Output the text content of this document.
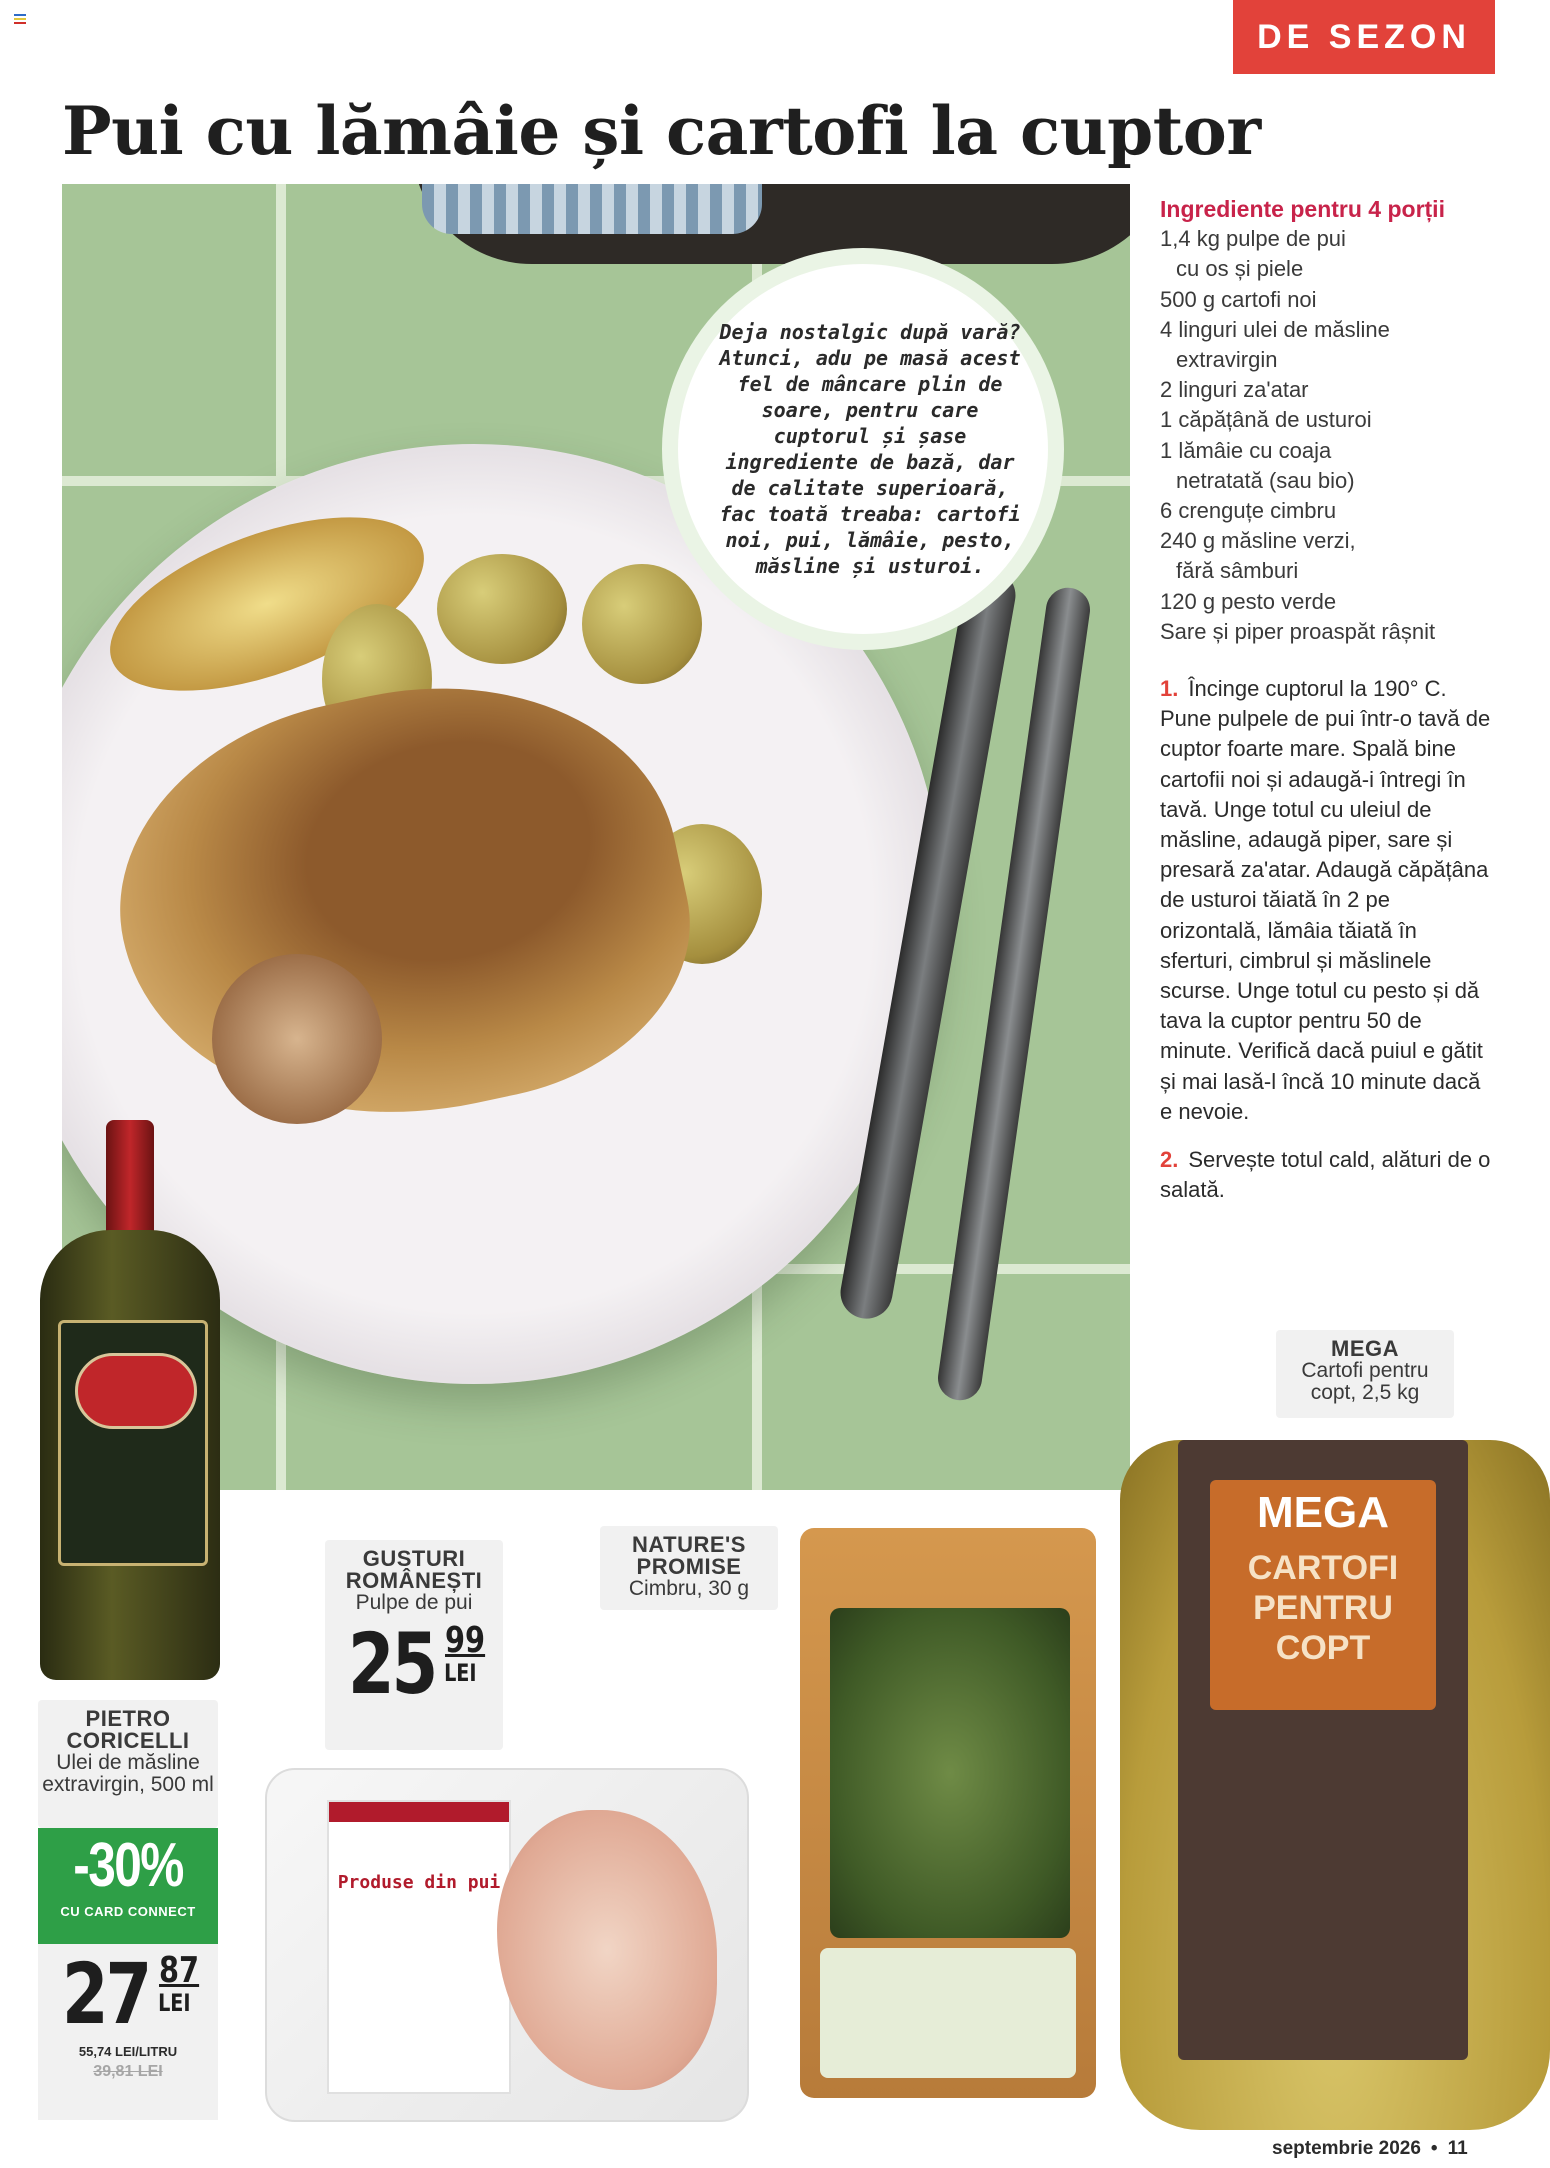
DE SEZON
Pui cu lămâie și cartofi la cuptor
Deja nostalgic după vară? Atunci, adu pe masă acest fel de mâncare plin de soare, pentru care cuptorul și șase ingrediente de bază, dar de calitate superioară, fac toată treaba: cartofi noi, pui, lămâie, pesto, măsline și usturoi.
Ingrediente pentru 4 porții
1,4 kg pulpe de pui
cu os și piele
500 g cartofi noi
4 linguri ulei de măsline
extravirgin
2 linguri za'atar
1 căpățână de usturoi
1 lămâie cu coaja
netratată (sau bio)
6 crenguțe cimbru
240 g măsline verzi,
fără sâmburi
120 g pesto verde
Sare și piper proaspăt râșnit
1. Încinge cuptorul la 190° C. Pune pulpele de pui într-o tavă de cuptor foarte mare. Spală bine cartofii noi și adaugă-i întregi în tavă. Unge totul cu uleiul de măsline, adaugă piper, sare și presară za'atar. Adaugă căpățâna de usturoi tăiată în 2 pe orizontală, lămâia tăiată în sferturi, cimbrul și măslinele scurse. Unge totul cu pesto și dă tava la cuptor pentru 50 de minute. Verifică dacă puiul e gătit și mai lasă-l încă 10 minute dacă e nevoie.
2. Servește totul cald, alături de o salată.
PIETRO CORICELLI
Ulei de măsline extravirgin, 500 ml
-30%
CU CARD CONNECT
27 87
LEI
55,74 LEI/LITRU
39,81 LEI
GUSTURI ROMÂNEȘTI
Pulpe de pui
25 99
LEI
Produse din pui
NATURE'S PROMISE
Cimbru, 30 g
MEGA
Cartofi pentru copt, 2,5 kg
MEGA
CARTOFI PENTRU COPT
septembrie 2026 • 11
